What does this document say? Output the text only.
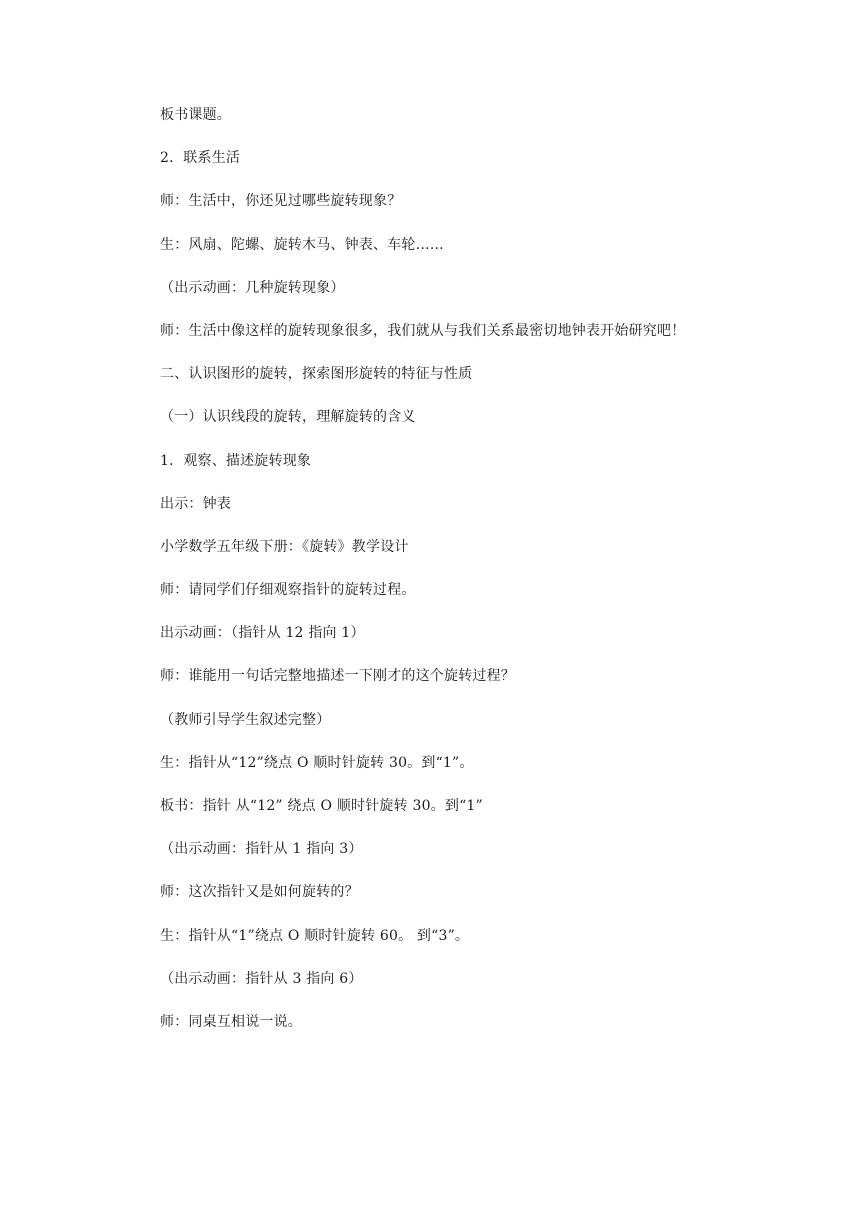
板书课题。
2．联系生活
师：生活中，你还见过哪些旋转现象？
生：风扇、陀螺、旋转木马、钟表、车轮……
（出示动画：几种旋转现象）
师：生活中像这样的旋转现象很多，我们就从与我们关系最密切地钟表开始研究吧！
二、认识图形的旋转，探索图形旋转的特征与性质
（一）认识线段的旋转，理解旋转的含义
1．观察、描述旋转现象
出示：钟表
小学数学五年级下册：《旋转》教学设计
师：请同学们仔细观察指针的旋转过程。
出示动画：（指针从 12 指向 1）
师：谁能用一句话完整地描述一下刚才的这个旋转过程？
（教师引导学生叙述完整）
生：指针从“12”绕点 O 顺时针旋转 30。到“1”。
板书：指针 从“12” 绕点 O 顺时针旋转 30。到“1”
（出示动画：指针从 1 指向 3）
师：这次指针又是如何旋转的？
生：指针从“1”绕点 O 顺时针旋转 60。 到“3”。
（出示动画：指针从 3 指向 6）
师：同桌互相说一说。
